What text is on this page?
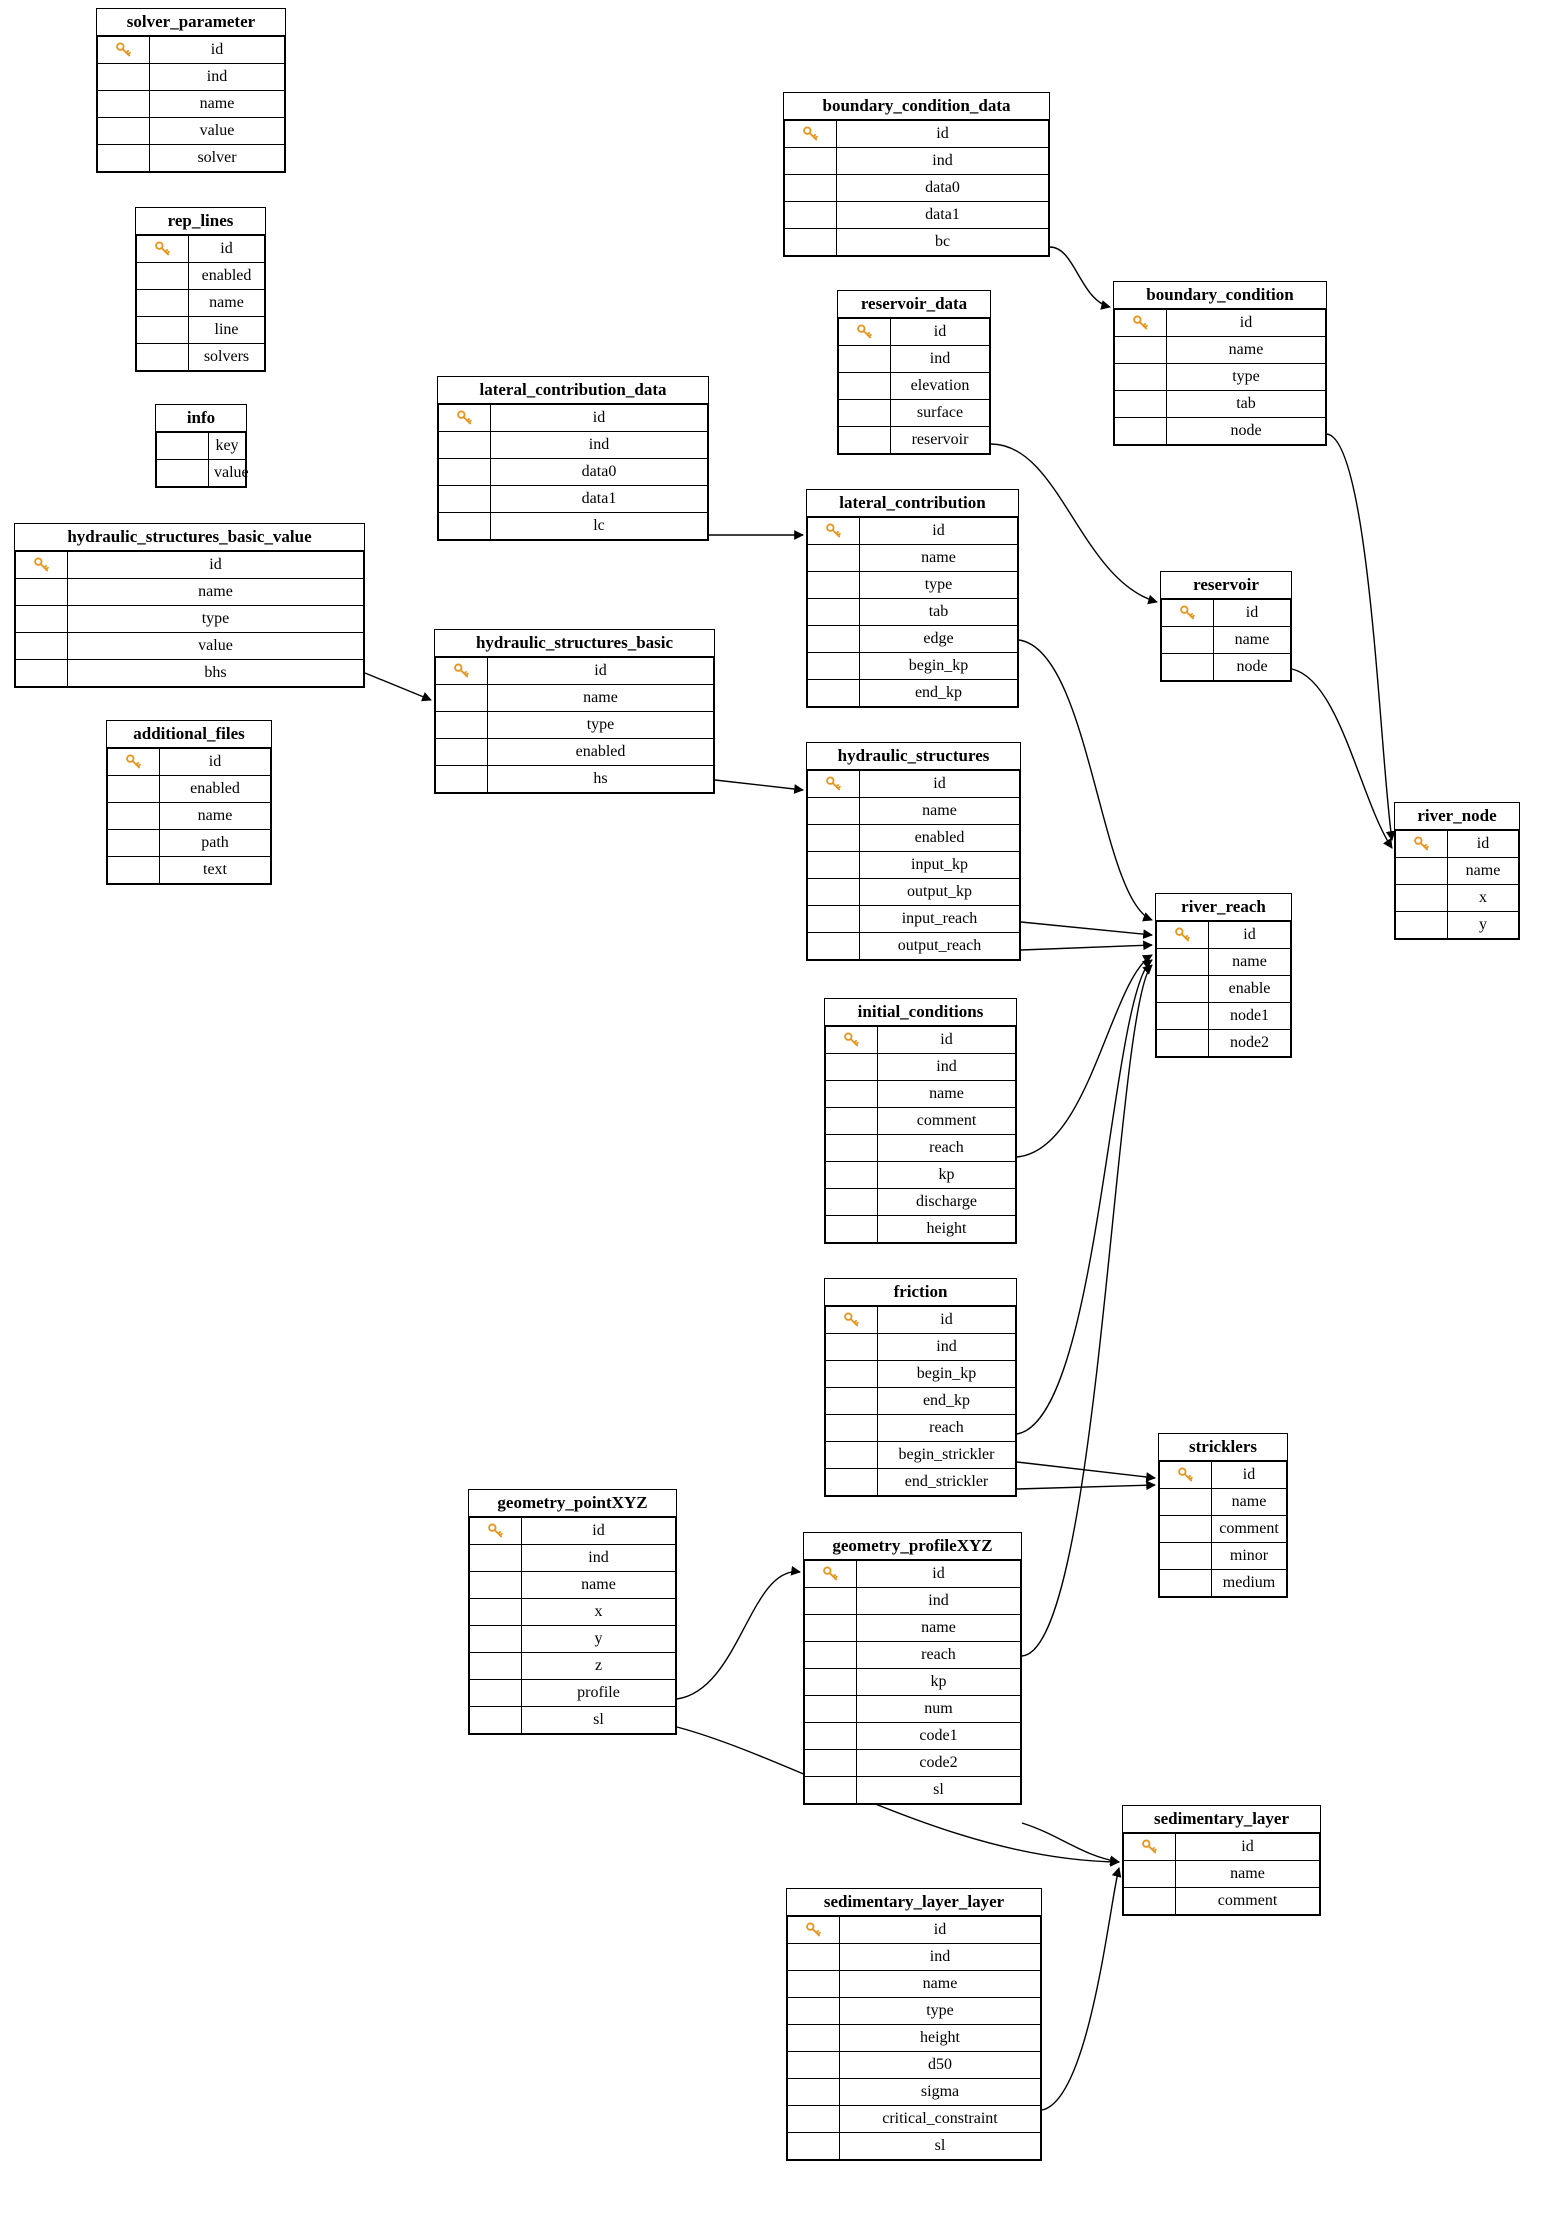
solver_parameter
	id
	ind
	name
	value
	solver
rep_lines
	id
	enabled
	name
	line
	solvers
info
	key
	value
hydraulic_structures_basic_value
	id
	name
	type
	value
	bhs
additional_files
	id
	enabled
	name
	path
	text
lateral_contribution_data
	id
	ind
	data0
	data1
	lc
hydraulic_structures_basic
	id
	name
	type
	enabled
	hs
boundary_condition_data
	id
	ind
	data0
	data1
	bc
reservoir_data
	id
	ind
	elevation
	surface
	reservoir
boundary_condition
	id
	name
	type
	tab
	node
lateral_contribution
	id
	name
	type
	tab
	edge
	begin_kp
	end_kp
reservoir
	id
	name
	node
hydraulic_structures
	id
	name
	enabled
	input_kp
	output_kp
	input_reach
	output_reach
river_reach
	id
	name
	enable
	node1
	node2
river_node
	id
	name
	x
	y
initial_conditions
	id
	ind
	name
	comment
	reach
	kp
	discharge
	height
friction
	id
	ind
	begin_kp
	end_kp
	reach
	begin_strickler
	end_strickler
stricklers
	id
	name
	comment
	minor
	medium
geometry_pointXYZ
	id
	ind
	name
	x
	y
	z
	profile
	sl
geometry_profileXYZ
	id
	ind
	name
	reach
	kp
	num
	code1
	code2
	sl
sedimentary_layer
	id
	name
	comment
sedimentary_layer_layer
	id
	ind
	name
	type
	height
	d50
	sigma
	critical_constraint
	sl
